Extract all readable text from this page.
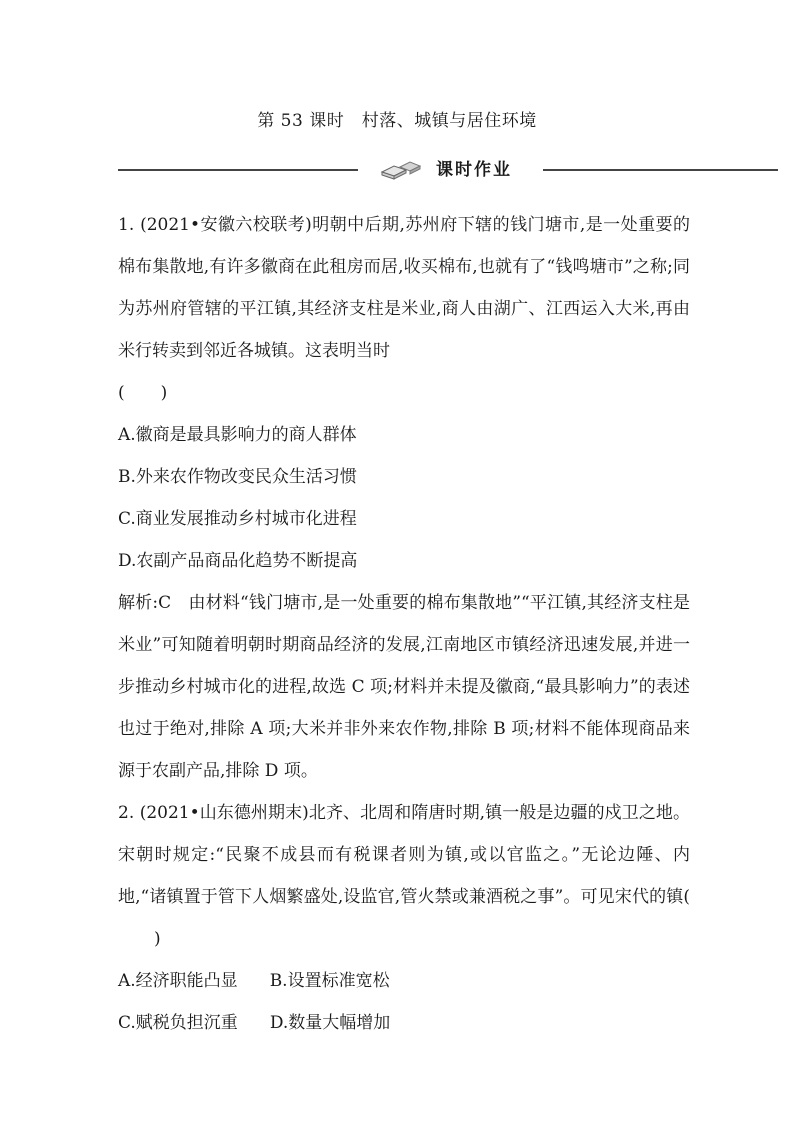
第 53 课时　村落、城镇与居住环境
课时作业

1. (2021•安徽六校联考)明朝中后期,苏州府下辖的钱门塘市,是一处重要的棉布集散地,有许多徽商在此租房而居,收买棉布,也就有了“钱鸣塘市”之称;同为苏州府管辖的平江镇,其经济支柱是米业,商人由湖广、江西运入大米,再由米行转卖到邻近各城镇。这表明当时

( )

A.徽商是最具影响力的商人群体

B.外来农作物改变民众生活习惯

C.商业发展推动乡村城市化进程

D.农副产品商品化趋势不断提高

解析:C　由材料“钱门塘市,是一处重要的棉布集散地”“平江镇,其经济支柱是米业”可知随着明朝时期商品经济的发展,江南地区市镇经济迅速发展,并进一步推动乡村城市化的进程,故选 C 项;材料并未提及徽商,“最具影响力”的表述也过于绝对,排除 A 项;大米并非外来农作物,排除 B 项;材料不能体现商品来源于农副产品,排除 D 项。

2. (2021•山东德州期末)北齐、北周和隋唐时期,镇一般是边疆的戍卫之地。宋朝时规定:“民聚不成县而有税课者则为镇,或以官监之。”无论边陲、内地,“诸镇置于管下人烟繁盛处,设监官,管火禁或兼酒税之事”。可见宋代的镇()

A.经济职能凸显 B.设置标准宽松

C.赋税负担沉重 D.数量大幅增加
